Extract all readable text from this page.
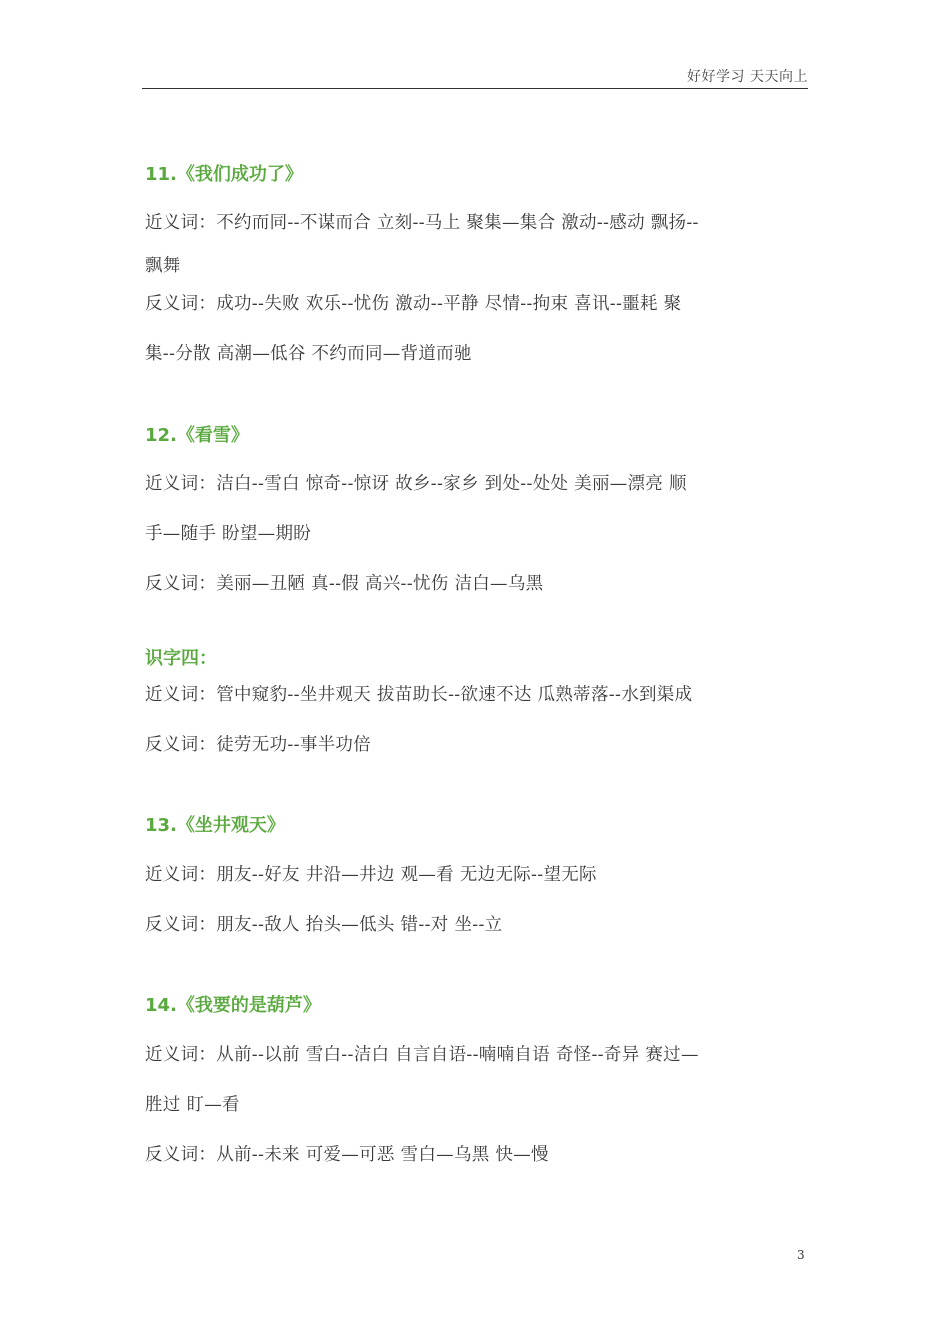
好好学习 天天向上
11.《我们成功了》
近义词：不约而同--不谋而合 立刻--马上 聚集—集合 激动--感动 飘扬--
飘舞
反义词：成功--失败 欢乐--忧伤 激动--平静 尽情--拘束 喜讯--噩耗 聚
集--分散 高潮—低谷 不约而同—背道而驰
12.《看雪》
近义词：洁白--雪白 惊奇--惊讶 故乡--家乡 到处--处处 美丽—漂亮 顺
手—随手 盼望—期盼
反义词：美丽—丑陋 真--假 高兴--忧伤 洁白—乌黑
识字四：
近义词：管中窥豹--坐井观天 拔苗助长--欲速不达 瓜熟蒂落--水到渠成
反义词：徒劳无功--事半功倍
13.《坐井观天》
近义词：朋友--好友 井沿—井边 观—看 无边无际--望无际
反义词：朋友--敌人 抬头—低头 错--对 坐--立
14.《我要的是葫芦》
近义词：从前--以前 雪白--洁白 自言自语--喃喃自语 奇怪--奇异 赛过—
胜过 盯—看
反义词：从前--未来 可爱—可恶 雪白—乌黑 快—慢
3
